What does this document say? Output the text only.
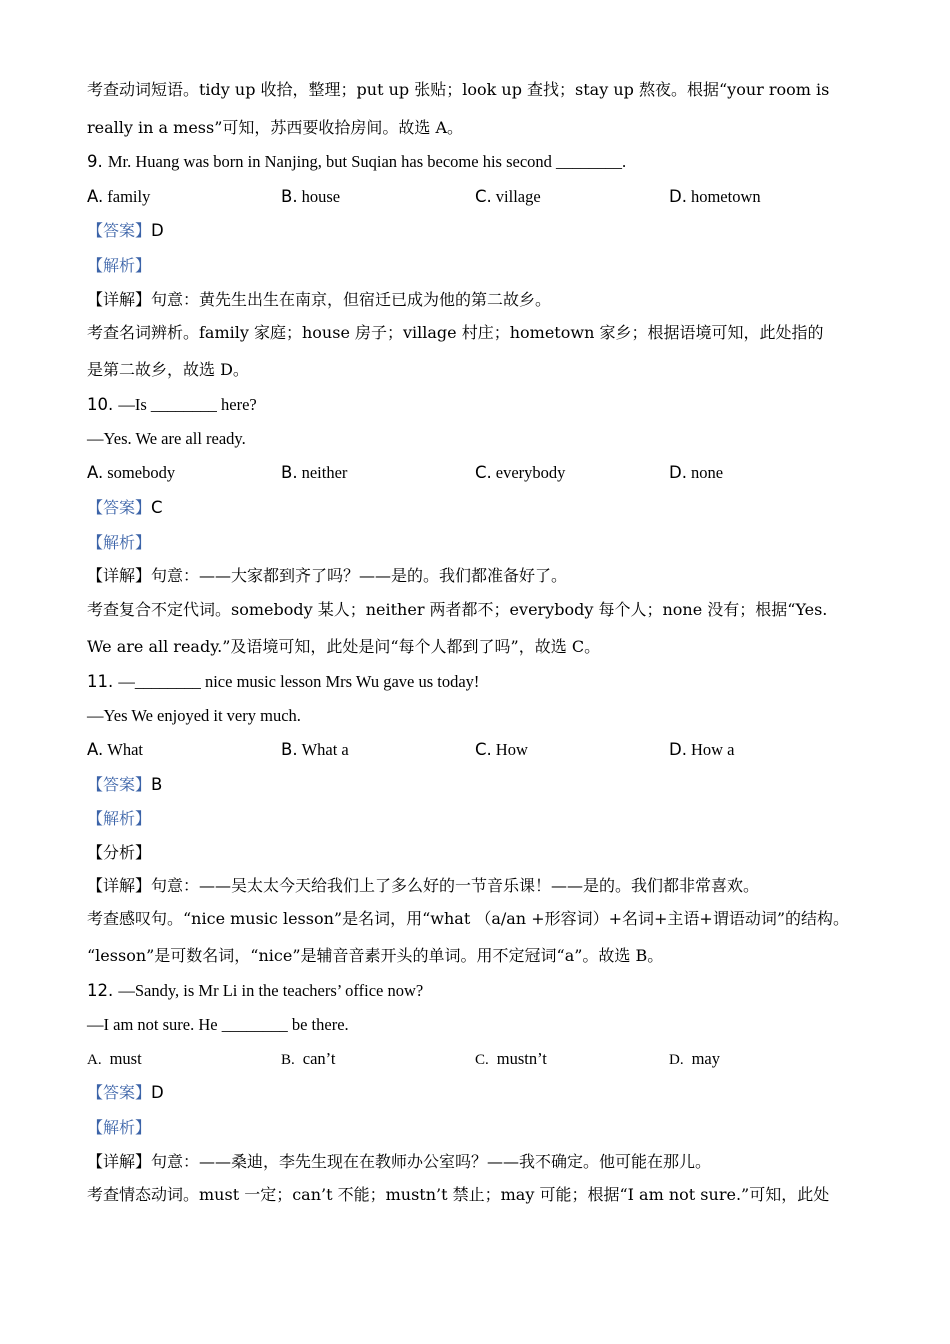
考查动词短语。tidy up 收拾，整理；put up 张贴；look up 查找；stay up 熬夜。根据“your room is
really in a mess”可知，苏西要收拾房间。故选 A。
9. Mr. Huang was born in Nanjing, but Suqian has become his second ________.
A. family	B. house	C. village	D. hometown
【答案】D
【解析】
【详解】句意：黄先生出生在南京，但宿迁已成为他的第二故乡。
考查名词辨析。family 家庭；house 房子；village 村庄；hometown 家乡；根据语境可知，此处指的
是第二故乡，故选 D。
10. —Is ________ here?
—Yes. We are all ready.
A. somebody	B. neither	C. everybody	D. none
【答案】C
【解析】
【详解】句意：——大家都到齐了吗？——是的。我们都准备好了。
考查复合不定代词。somebody 某人；neither 两者都不；everybody 每个人；none 没有；根据“Yes.
We are all ready.”及语境可知，此处是问“每个人都到了吗”，故选 C。
11. —________ nice music lesson Mrs Wu gave us today!
—Yes We enjoyed it very much.
A. What	B. What a	C. How	D. How a
【答案】B
【解析】
【分析】
【详解】句意：——吴太太今天给我们上了多么好的一节音乐课！——是的。我们都非常喜欢。
考查感叹句。“nice music lesson”是名词，用“what （a/an +形容词）+名词+主语+谓语动词”的结构。
“lesson”是可数名词，“nice”是辅音音素开头的单词。用不定冠词“a”。故选 B。
12. —Sandy, is Mr Li in the teachers’ office now?
—I am not sure. He ________ be there.
A. must	B. can’t	C. mustn’t	D. may
【答案】D
【解析】
【详解】句意：——桑迪，李先生现在在教师办公室吗？——我不确定。他可能在那儿。
考查情态动词。must 一定；can’t 不能；mustn’t 禁止；may 可能；根据“I am not sure.”可知，此处
